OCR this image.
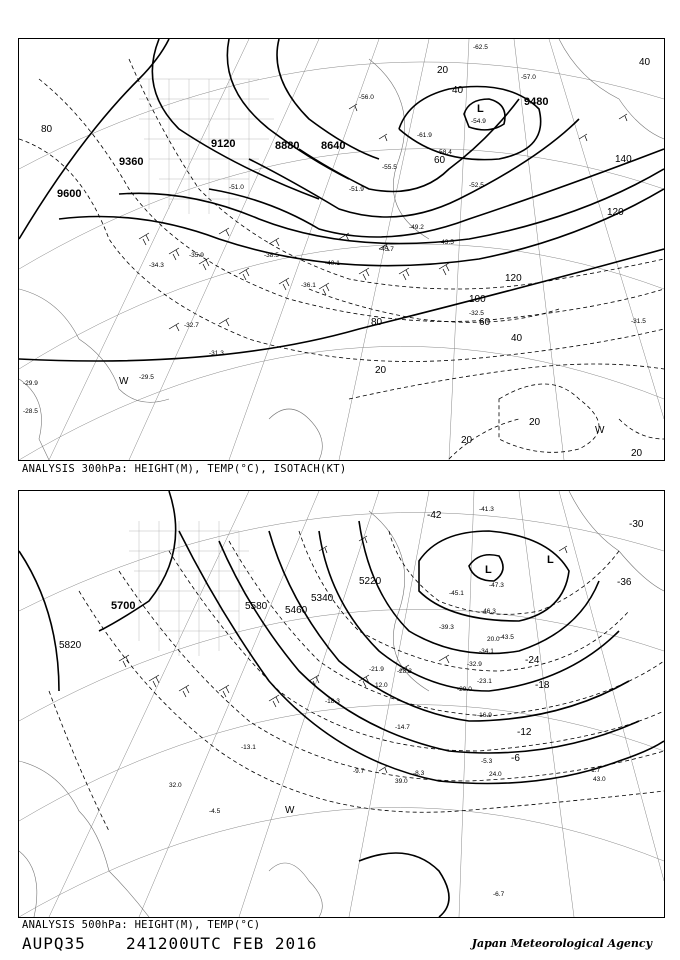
9600
9360
9120	8880 8640
9480
L
20
40
60
80
100
120
140
120
80	60
40
20
20
20
20
40
-54.9
-61.9
-58.4
-55.5
-51.9
-49.2
-45.7
-43.5
-40.1
-38.5
-36.1
-35.9
-34.3
-32.7
-31.3
-29.5
-29.9
-28.5
-31.5
-52.5
-51.0
-57.0
-62.5
-56.0
-32.5
W
W
ANALYSIS 300hPa: HEIGHT(M), TEMP(°C), ISOTACH(KT)
5700
5820
5580 5460
5340
5220
L
L
-42
-30
-36
-24
-18
-12
-6
-47.3
-46.3
-43.5
-45.1
-41.3
-39.3
-34.1
-32.9
-29.0
-28.3
-23.1
-21.9
-18.3
-16.9
-14.7
-13.1
-9.7	-8.3
-5.3
-4.5
-1.7
-6.7
12.0
24.0
39.0	43.0
32.0
20.0
W
ANALYSIS 500hPa: HEIGHT(M), TEMP(°C)
AUPQ35	241200UTC FEB 2016	Japan Meteorological Agency
